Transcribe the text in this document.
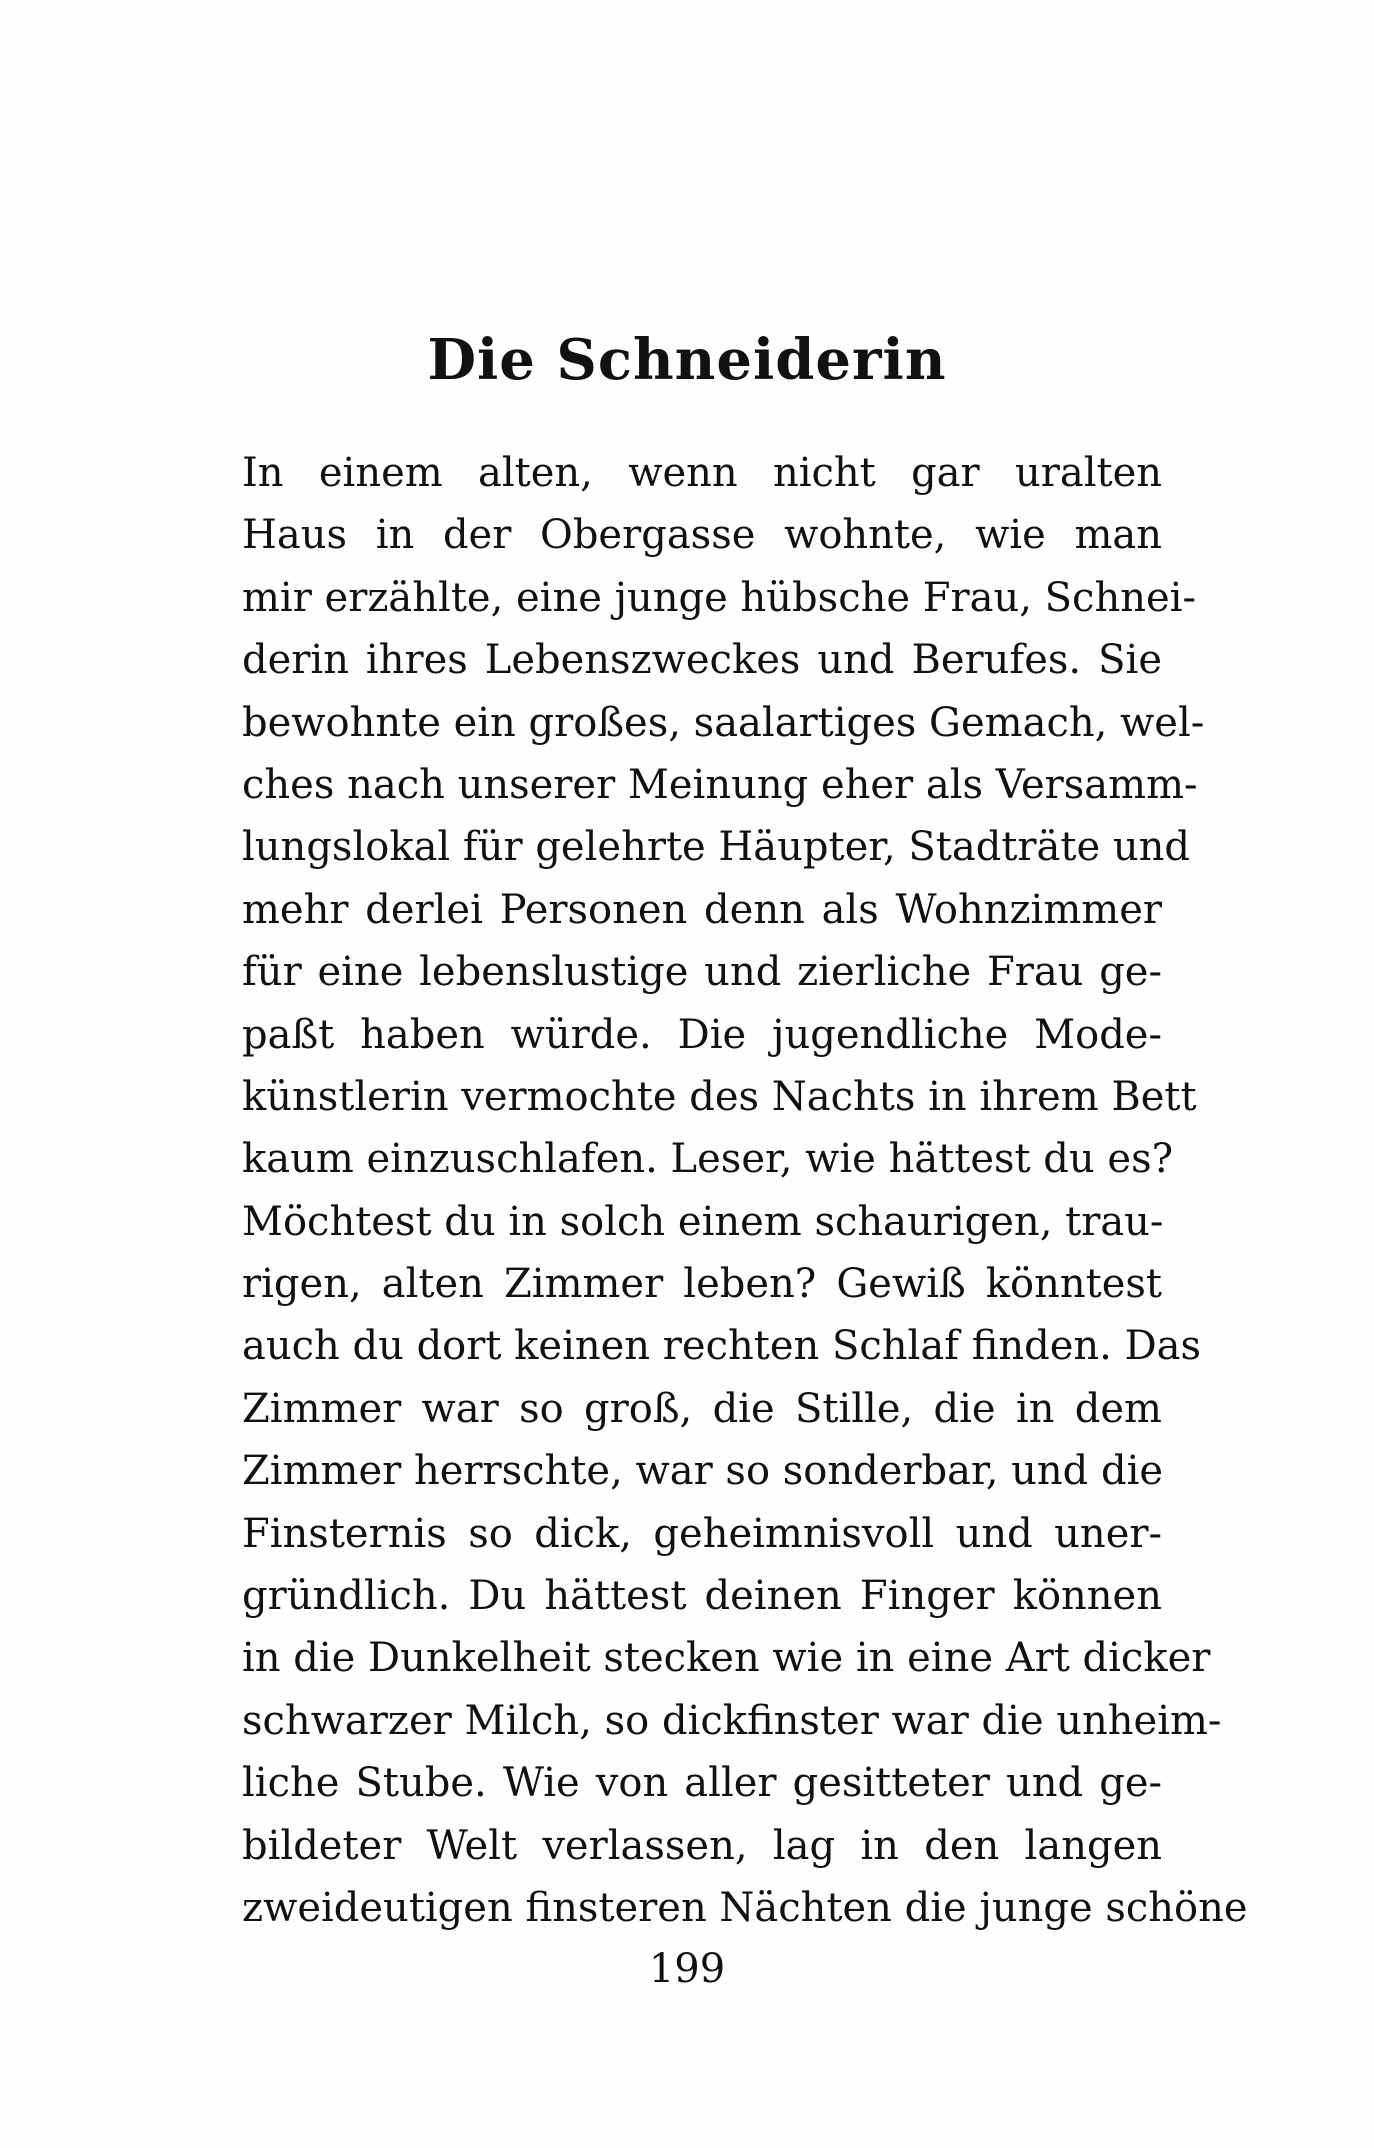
Die Schneiderin
In einem alten, wenn nicht gar uralten
Haus in der Obergasse wohnte, wie man
mir erzählte, eine junge hübsche Frau, Schnei-
derin ihres Lebenszweckes und Berufes. Sie
bewohnte ein großes, saalartiges Gemach, wel-
ches nach unserer Meinung eher als Versamm-
lungslokal für gelehrte Häupter, Stadträte und
mehr derlei Personen denn als Wohnzimmer
für eine lebenslustige und zierliche Frau ge-
paßt haben würde. Die jugendliche Mode-
künstlerin vermochte des Nachts in ihrem Bett
kaum einzuschlafen. Leser, wie hättest du es?
Möchtest du in solch einem schaurigen, trau-
rigen, alten Zimmer leben? Gewiß könntest
auch du dort keinen rechten Schlaf finden. Das
Zimmer war so groß, die Stille, die in dem
Zimmer herrschte, war so sonderbar, und die
Finsternis so dick, geheimnisvoll und uner-
gründlich. Du hättest deinen Finger können
in die Dunkelheit stecken wie in eine Art dicker
schwarzer Milch, so dickfinster war die unheim-
liche Stube. Wie von aller gesitteter und ge-
bildeter Welt verlassen, lag in den langen
zweideutigen finsteren Nächten die junge schöne

199
